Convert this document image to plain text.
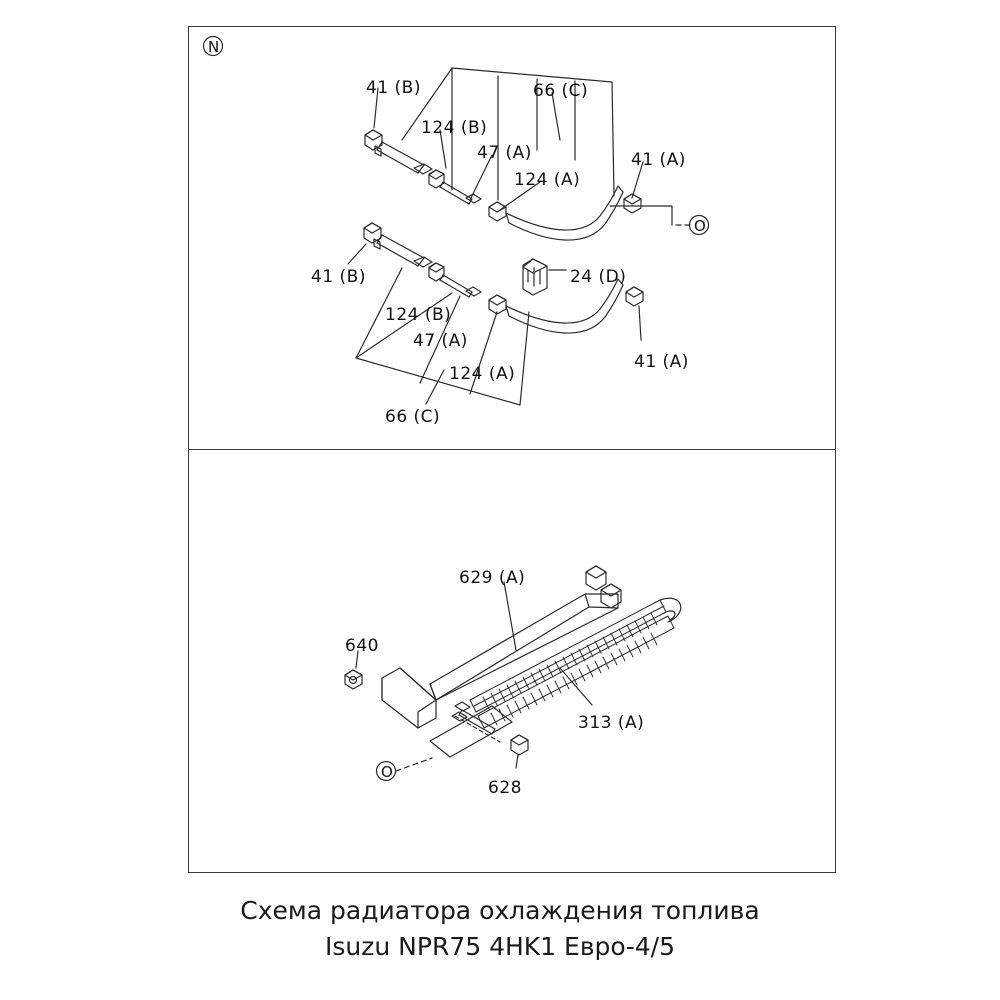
N
O
O
41 (B)	66 (C)
124 (B)
47 (A)
124 (A)
41 (A)
41 (B)	24 (D)
124 (B)
47 (A)
124 (A)
41 (A)
66 (C)
629 (A)
640
313 (A)
628
Схема радиатора охлаждения топлива
Isuzu NPR75 4HK1 Евро-4/5
